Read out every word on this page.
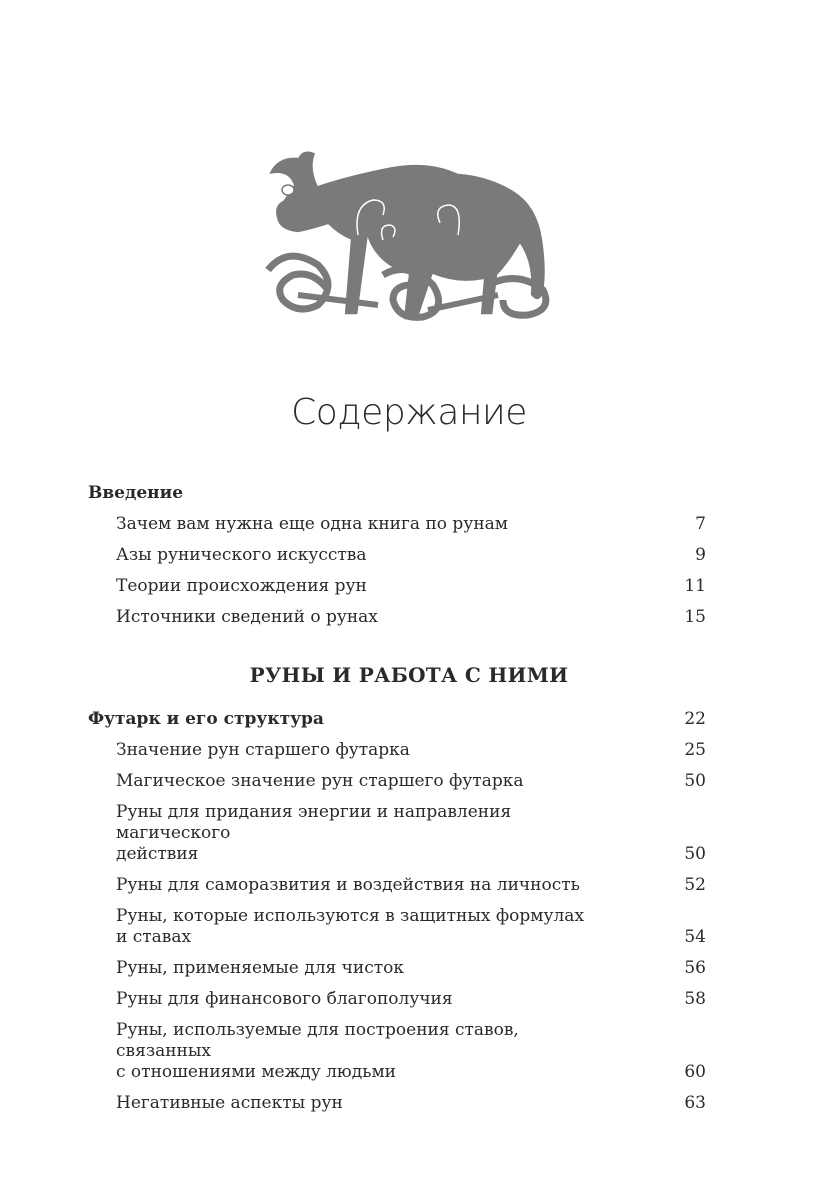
Содержание
Введение
Зачем вам нужна еще одна книга по рунам	7
Азы рунического искусства	9
Теории происхождения рун	11
Источники сведений о рунах	15
РУНЫ И РАБОТА С НИМИ
Футарк и его структура	22
Значение рун старшего футарка	25
Магическое значение рун старшего футарка	50
Руны для придания энергии и направления магического
действия	50
Руны для саморазвития и воздействия на личность	52
Руны, которые используются в защитных формулах
и ставах	54
Руны, применяемые для чисток	56
Руны для финансового благополучия	58
Руны, используемые для построения ставов, связанных
с отношениями между людьми	60
Негативные аспекты рун	63
